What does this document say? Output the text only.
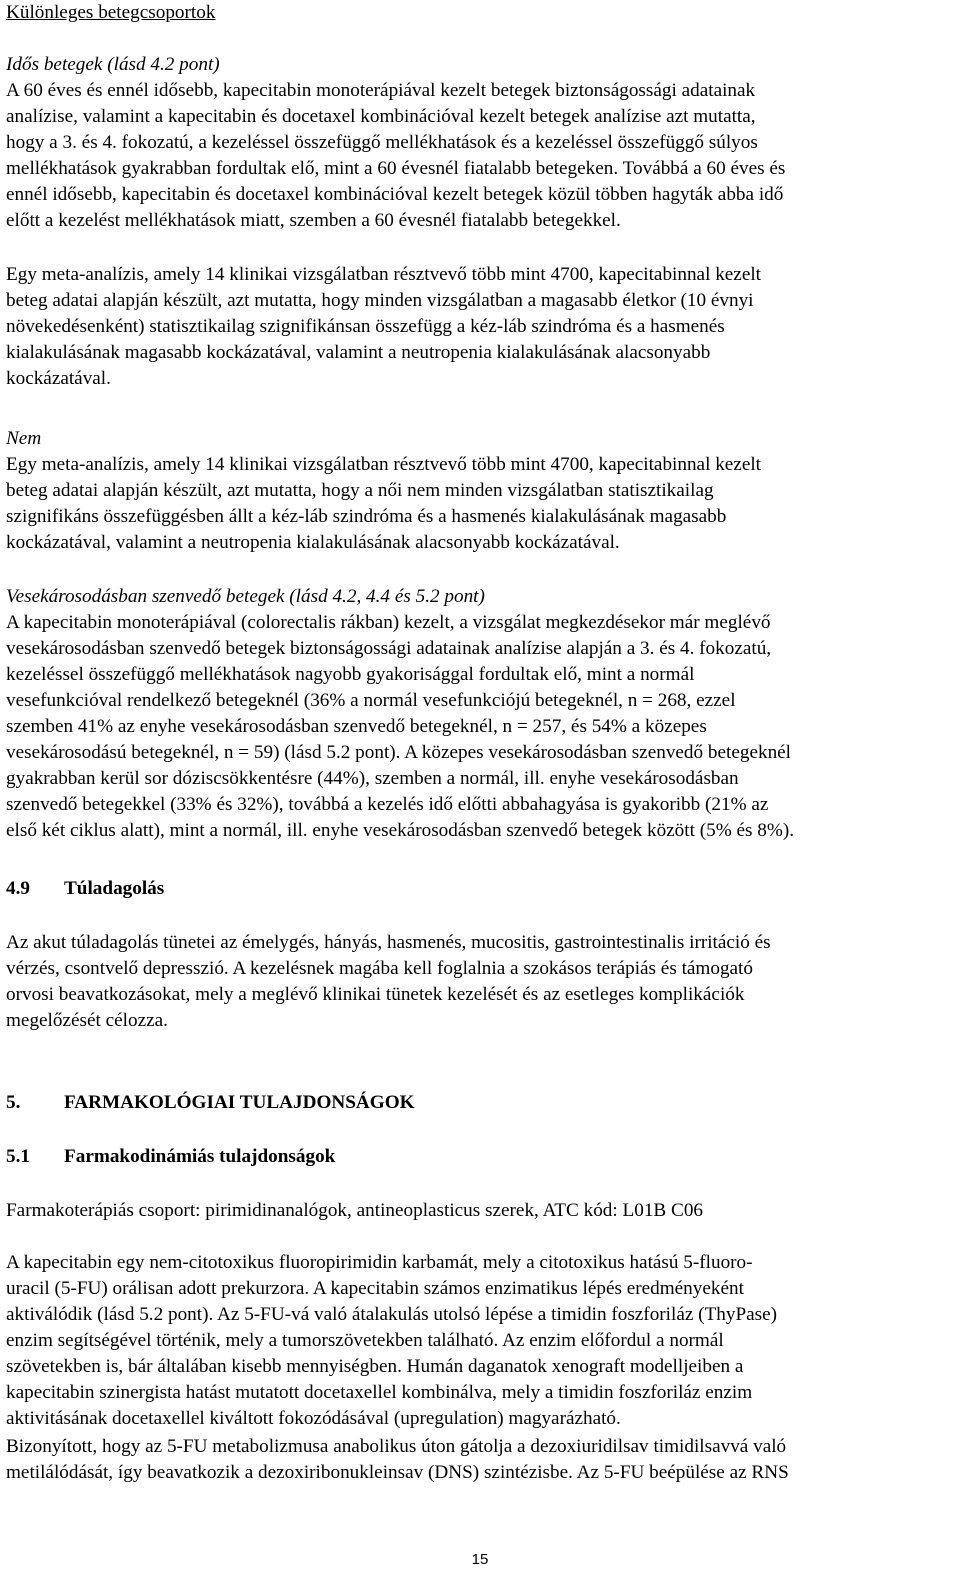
Különleges betegcsoportok

Idős betegek (lásd 4.2 pont)

A 60 éves és ennél idősebb, kapecitabin monoterápiával kezelt betegek biztonságossági adatainak
analízise, valamint a kapecitabin és docetaxel kombinációval kezelt betegek analízise azt mutatta,
hogy a 3. és 4. fokozatú, a kezeléssel összefüggő mellékhatások és a kezeléssel összefüggő súlyos
mellékhatások gyakrabban fordultak elő, mint a 60 évesnél fiatalabb betegeken. Továbbá a 60 éves és
ennél idősebb, kapecitabin és docetaxel kombinációval kezelt betegek közül többen hagyták abba idő
előtt a kezelést mellékhatások miatt, szemben a 60 évesnél fiatalabb betegekkel.
Egy meta-analízis, amely 14 klinikai vizsgálatban résztvevő több mint 4700, kapecitabinnal kezelt
beteg adatai alapján készült, azt mutatta, hogy minden vizsgálatban a magasabb életkor (10 évnyi
növekedésenként) statisztikailag szignifikánsan összefügg a kéz-láb szindróma és a hasmenés
kialakulásának magasabb kockázatával, valamint a neutropenia kialakulásának alacsonyabb
kockázatával.

Nem

Egy meta-analízis, amely 14 klinikai vizsgálatban résztvevő több mint 4700, kapecitabinnal kezelt
beteg adatai alapján készült, azt mutatta, hogy a női nem minden vizsgálatban statisztikailag
szignifikáns összefüggésben állt a kéz-láb szindróma és a hasmenés kialakulásának magasabb
kockázatával, valamint a neutropenia kialakulásának alacsonyabb kockázatával.

Vesekárosodásban szenvedő betegek (lásd 4.2, 4.4 és 5.2 pont)

A kapecitabin monoterápiával (colorectalis rákban) kezelt, a vizsgálat megkezdésekor már meglévő
vesekárosodásban szenvedő betegek biztonságossági adatainak analízise alapján a 3. és 4. fokozatú,
kezeléssel összefüggő mellékhatások nagyobb gyakorisággal fordultak elő, mint a normál
vesefunkcióval rendelkező betegeknél (36% a normál vesefunkciójú betegeknél, n = 268, ezzel
szemben 41% az enyhe vesekárosodásban szenvedő betegeknél, n = 257, és 54% a közepes
vesekárosodású betegeknél, n = 59) (lásd 5.2 pont). A közepes vesekárosodásban szenvedő betegeknél
gyakrabban kerül sor dóziscsökkentésre (44%), szemben a normál, ill. enyhe vesekárosodásban
szenvedő betegekkel (33% és 32%), továbbá a kezelés idő előtti abbahagyása is gyakoribb (21% az
első két ciklus alatt), mint a normál, ill. enyhe vesekárosodásban szenvedő betegek között (5% és 8%).

4.9 Túladagolás

Az akut túladagolás tünetei az émelygés, hányás, hasmenés, mucositis, gastrointestinalis irritáció és
vérzés, csontvelő depresszió. A kezelésnek magába kell foglalnia a szokásos terápiás és támogató
orvosi beavatkozásokat, mely a meglévő klinikai tünetek kezelését és az esetleges komplikációk
megelőzését célozza.

5. FARMAKOLÓGIAI TULAJDONSÁGOK

5.1 Farmakodinámiás tulajdonságok

Farmakoterápiás csoport: pirimidinanalógok, antineoplasticus szerek, ATC kód: L01B C06
A kapecitabin egy nem-citotoxikus fluoropirimidin karbamát, mely a citotoxikus hatású 5-fluoro-
uracil (5-FU) orálisan adott prekurzora. A kapecitabin számos enzimatikus lépés eredményeként
aktiválódik (lásd 5.2 pont). Az 5-FU-vá való átalakulás utolsó lépése a timidin foszforiláz (ThyPase)
enzim segítségével történik, mely a tumorszövetekben található. Az enzim előfordul a normál
szövetekben is, bár általában kisebb mennyiségben. Humán daganatok xenograft modelljeiben a
kapecitabin szinergista hatást mutatott docetaxellel kombinálva, mely a timidin foszforiláz enzim
aktivitásának docetaxellel kiváltott fokozódásával (upregulation) magyarázható.
Bizonyított, hogy az 5-FU metabolizmusa anabolikus úton gátolja a dezoxiuridilsav timidilsavvá való
metilálódását, így beavatkozik a dezoxiribonukleinsav (DNS) szintézisbe. Az 5-FU beépülése az RNS
15
